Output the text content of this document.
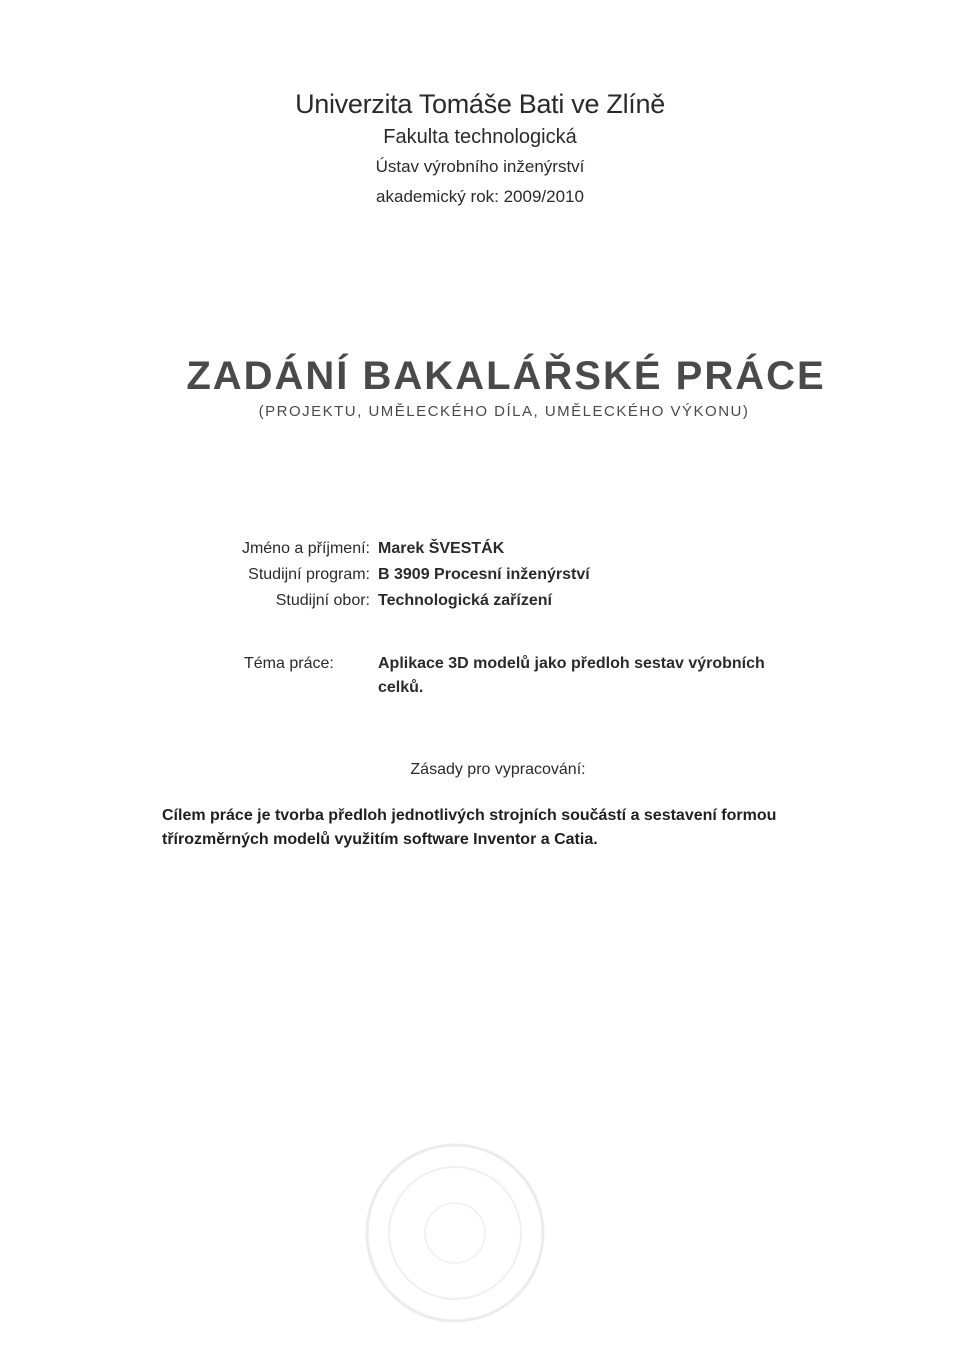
Univerzita Tomáše Bati ve Zlíně
Fakulta technologická
Ústav výrobního inženýrství
akademický rok: 2009/2010
ZADÁNÍ BAKALÁŘSKÉ PRÁCE
(PROJEKTU, UMĚLECKÉHO DÍLA, UMĚLECKÉHO VÝKONU)
Jméno a příjmení: Marek ŠVESTÁK
Studijní program: B 3909 Procesní inženýrství
Studijní obor: Technologická zařízení
Téma práce:	Aplikace 3D modelů jako předloh sestav výrobních celků.
Zásady pro vypracování:
Cílem práce je tvorba předloh jednotlivých strojních součástí a sestavení formou třírozměrných modelů využitím software Inventor a Catia.
